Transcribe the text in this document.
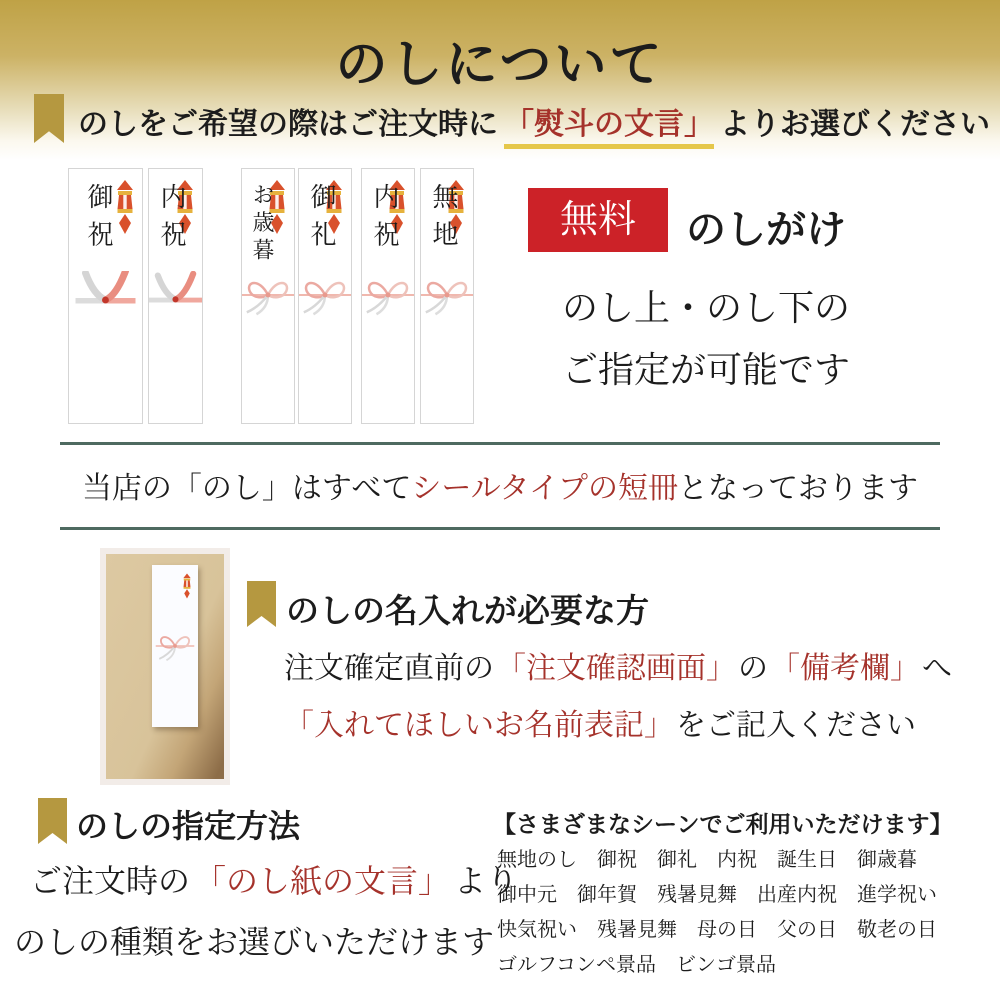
のしについて
のしをご希望の際はご注文時に 「熨斗の文言」 よりお選びください
御祝 内祝	お歳暮 御礼 内祝 無地	無料	のしがけ
のし上・のし下の
ご指定が可能です
当店の「のし」はすべてシールタイプの短冊となっております
のしの名入れが必要な方
注文確定直前の「注文確認画面」の「備考欄」へ
「入れてほしいお名前表記」をご記入ください
のしの指定方法
ご注文時の 「のし紙の文言」 より
のしの種類をお選びいただけます
【さまざまなシーンでご利用いただけます】
無地のし　御祝　御礼　内祝　誕生日　御歳暮
御中元　御年賀　残暑見舞　出産内祝　進学祝い
快気祝い　残暑見舞　母の日　父の日　敬老の日
ゴルフコンペ景品　ビンゴ景品
